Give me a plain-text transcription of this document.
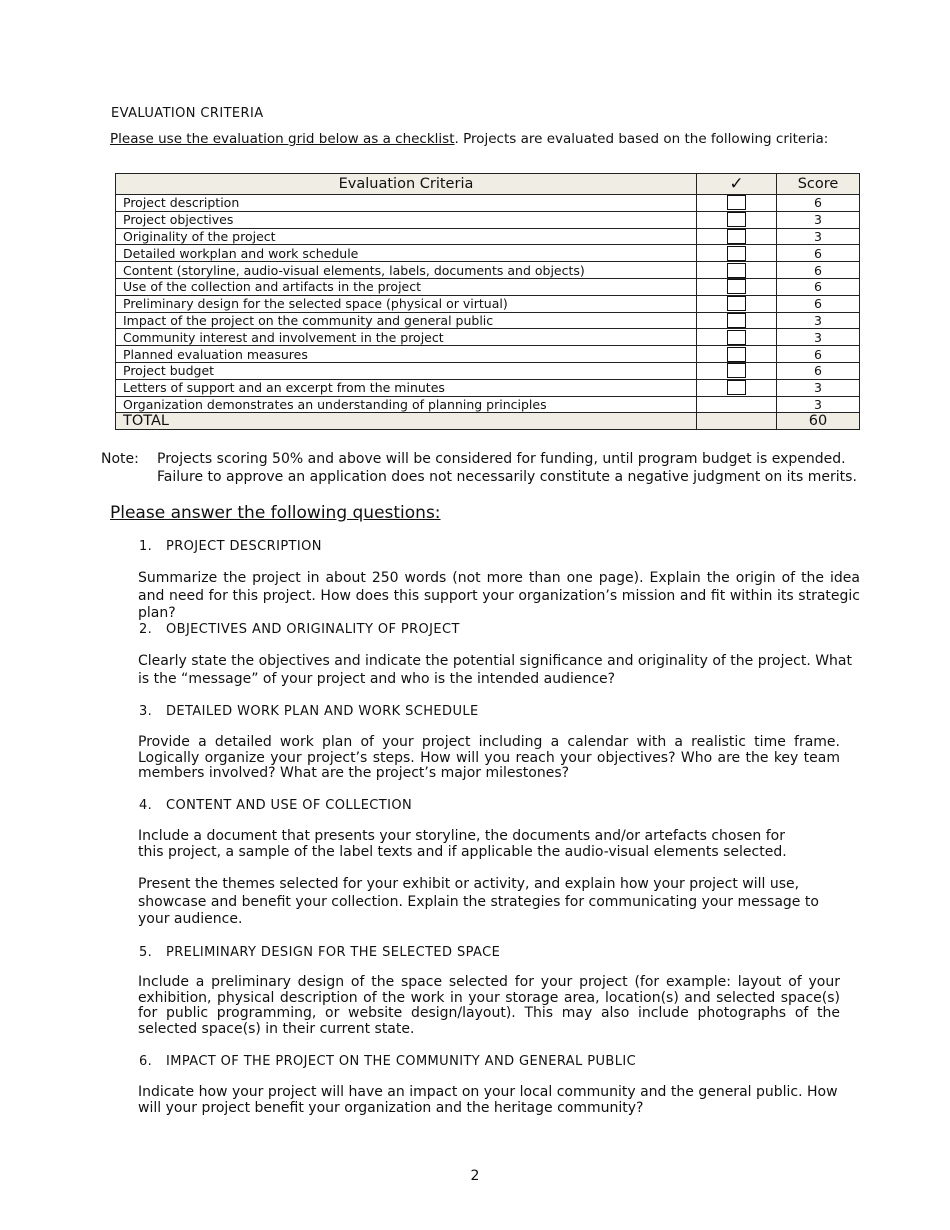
EVALUATION CRITERIA
Please use the evaluation grid below as a checklist. Projects are evaluated based on the following criteria:
Evaluation Criteria	✓	Score
Project description		6
Project objectives		3
Originality of the project		3
Detailed workplan and work schedule		6
Content (storyline, audio-visual elements, labels, documents and objects)		6
Use of the collection and artifacts in the project		6
Preliminary design for the selected space (physical or virtual)		6
Impact of the project on the community and general public		3
Community interest and involvement in the project		3
Planned evaluation measures		6
Project budget		6
Letters of support and an excerpt from the minutes		3
Organization demonstrates an understanding of planning principles		3
TOTAL		60
Note: Projects scoring 50% and above will be considered for funding, until program budget is expended.
Failure to approve an application does not necessarily constitute a negative judgment on its merits.
Please answer the following questions:
1. PROJECT DESCRIPTION
Summarize the project in about 250 words (not more than one page). Explain the origin of the idea and need for this project. How does this support your organization’s mission and fit within its strategic plan?
2. OBJECTIVES AND ORIGINALITY OF PROJECT
Clearly state the objectives and indicate the potential significance and originality of the project. What is the “message” of your project and who is the intended audience?
3. DETAILED WORK PLAN AND WORK SCHEDULE
Provide a detailed work plan of your project including a calendar with a realistic time frame. Logically organize your project’s steps. How will you reach your objectives? Who are the key team members involved? What are the project’s major milestones?
4. CONTENT AND USE OF COLLECTION
Include a document that presents your storyline, the documents and/or artefacts chosen for this project, a sample of the label texts and if applicable the audio-visual elements selected.
Present the themes selected for your exhibit or activity, and explain how your project will use, showcase and benefit your collection. Explain the strategies for communicating your message to your audience.
5. PRELIMINARY DESIGN FOR THE SELECTED SPACE
Include a preliminary design of the space selected for your project (for example: layout of your exhibition, physical description of the work in your storage area, location(s) and selected space(s) for public programming, or website design/layout). This may also include photographs of the selected space(s) in their current state.
6. IMPACT OF THE PROJECT ON THE COMMUNITY AND GENERAL PUBLIC
Indicate how your project will have an impact on your local community and the general public. How will your project benefit your organization and the heritage community?
2
